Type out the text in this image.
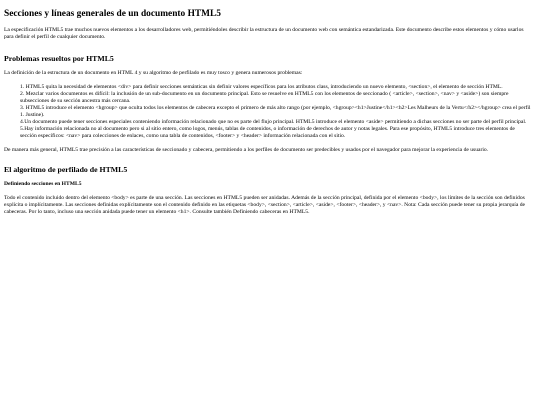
Secciones y líneas generales de un documento HTML5

La especificación HTML5 trae muchos nuevos elementos a los desarrolladores web, permitiéndoles describir la estructura de un documento web con semántica estandarizada. Este documento describe estos elementos y cómo usarlos para definir el perfil de cualquier documento.

Problemas resueltos por HTML5

La definición de la estructura de un documento en HTML 4 y su algoritmo de perfilado es muy tosco y genera numerosos problemas:

1. HTML5 quita la necesidad de elementos <div> para definir secciones semánticas sin definir valores específicos para los atributos class, introduciendo un nuevo elemento, <section>, el elemento de sección HTML.
2. Mezclar varios documentos es difícil: la inclusión de un sub-documento en un documento principal. Esto se resuelve en HTML5 con los elementos de seccionado ( <article>, <section>, <nav> y <aside>) son siempre subsecciones de su sección ancestra más cercana.
3. HTML5 introduce el elemento <hgroup> que oculta todos los elementos de cabecera excepto el primero de más alto rango (por ejemplo, <hgroup><h1>Justine</h1><h2>Les Malheurs de la Vertu</h2></hgroup> crea el perfil 1. Justine).
4.Un documento puede tener secciones especiales conteniendo información relacionado que no es parte del flujo principal. HTML5 introduce el elemento <aside> permitiendo a dichas secciones no ser parte del perfil principal.
5.Hay información relacionada no al documento pero si al sitio entero, como logos, menús, tablas de contenidos, o información de derechos de autor y notas legales. Para ese propósito, HTML5 introduce tres elementos de sección específicos: <nav> para colecciones de enlaces, como una tabla de contenidos, <footer> y <header> información relacionada con el sitio.

De manera más general, HTML5 trae precisión a las características de seccionado y cabecera, permitiendo a los perfiles de documento ser predecibles y usados por el navegador para mejorar la experiencia de usuario.

El algoritmo de perfilado de HTML5
Definiendo secciones en HTML5

Todo el contenido incluido dentro del elemento <body> es parte de una sección. Las secciones en HTML5 pueden ser anidadas. Además de la sección principal, definida por el elemento <body>, los límites de la sección son definidos explícita o implícitamente. Las secciones definidas explícitamente son el contenido definido en las etiquetas <body>, <section>, <article>, <aside>, <footer>, <header>, y <nav>. Nota: Cada sección puede tener su propia jerarquía de cabeceras. Por lo tanto, incluso una sección anidada puede tener un elemento <h1>. Consulte también Definiendo cabeceras en HTML5.
